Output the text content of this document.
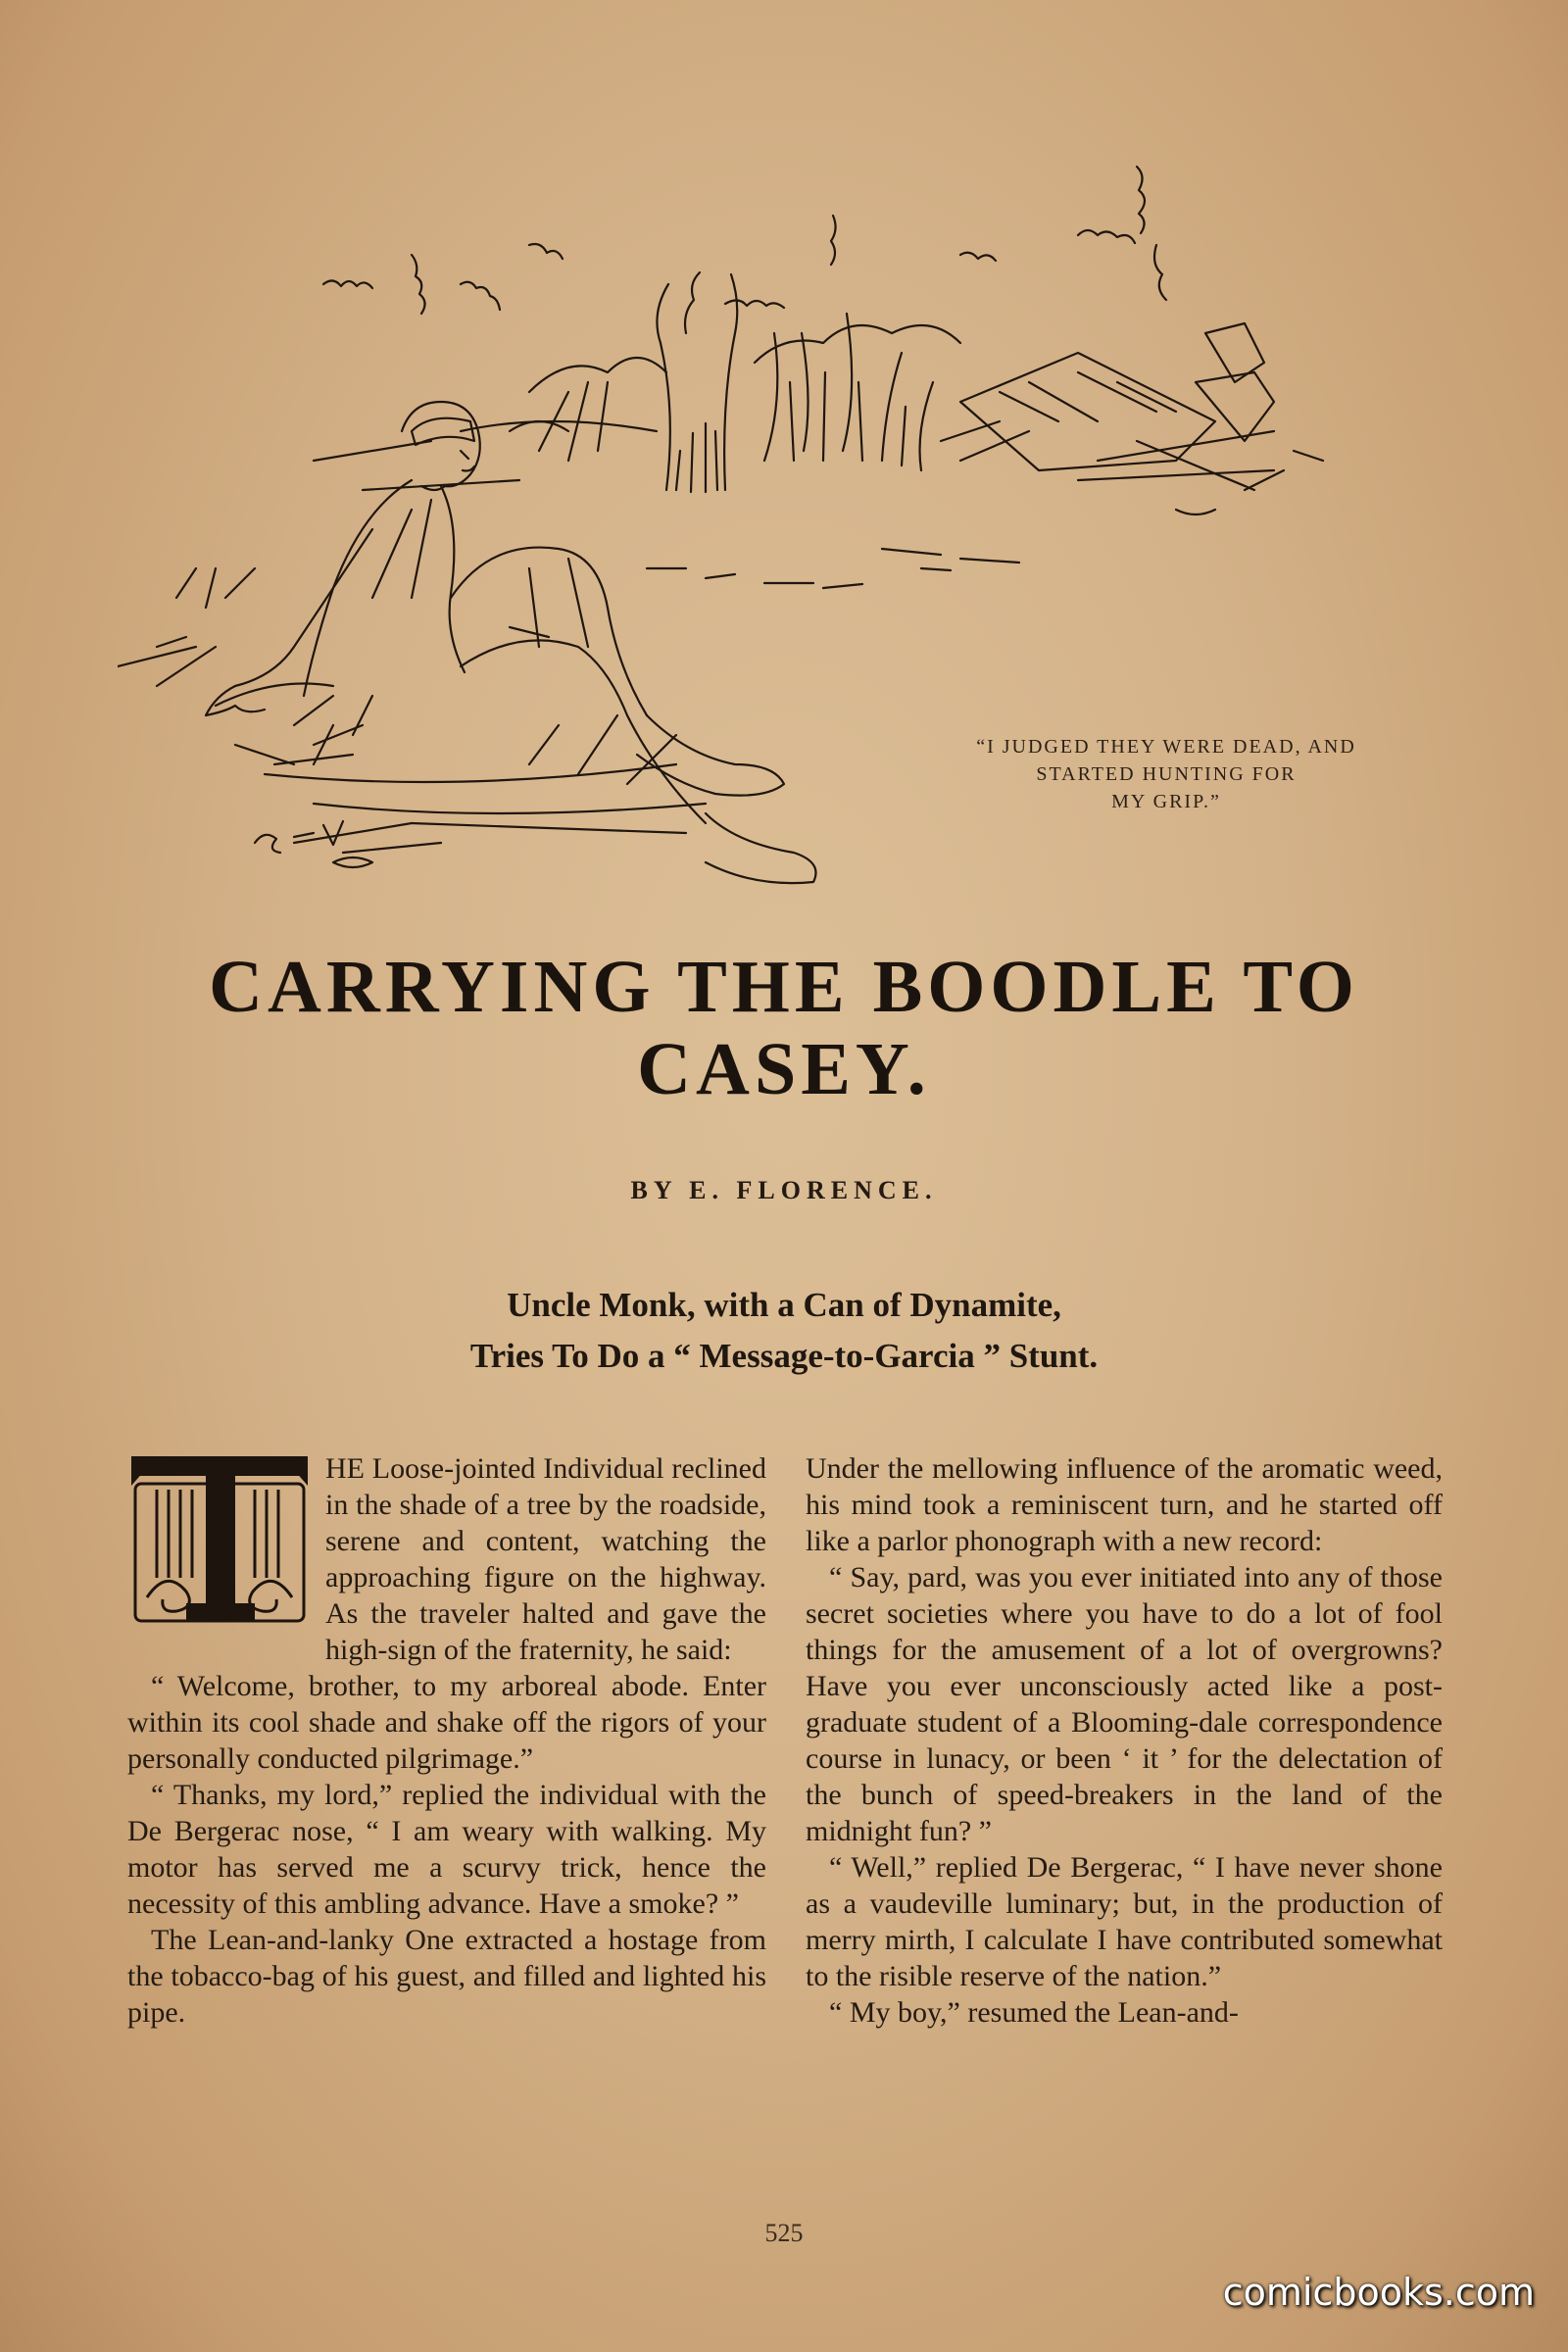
“I JUDGED THEY WERE DEAD, AND
STARTED HUNTING FOR
MY GRIP.”
CARRYING THE BOODLE TO
CASEY.
BY E. FLORENCE.
Uncle Monk, with a Can of Dynamite,
Tries To Do a “ Message-to-Garcia ” Stunt.

HE Loose-jointed Individual reclined in the shade of a tree by the roadside, serene and content, watching the approaching figure on the highway. As the traveler halted and gave the high-sign of the fraternity, he said:

“ Welcome, brother, to my arboreal abode. Enter within its cool shade and shake off the rigors of your personally conducted pilgrimage.”

“ Thanks, my lord,” replied the individual with the De Bergerac nose, “ I am weary with walking. My motor has served me a scurvy trick, hence the necessity of this ambling advance. Have a smoke? ”

The Lean-and-lanky One extracted a hostage from the tobacco-bag of his guest, and filled and lighted his pipe.

Under the mellowing influence of the aromatic weed, his mind took a reminiscent turn, and he started off like a parlor phonograph with a new record:

“ Say, pard, was you ever initiated into any of those secret societies where you have to do a lot of fool things for the amusement of a lot of overgrowns? Have you ever unconsciously acted like a post-graduate student of a Blooming-dale correspondence course in lunacy, or been ‘ it ’ for the delectation of the bunch of speed-breakers in the land of the midnight fun? ”

“ Well,” replied De Bergerac, “ I have never shone as a vaudeville luminary; but, in the production of merry mirth, I calculate I have contributed somewhat to the risible reserve of the nation.”

“ My boy,” resumed the Lean-and-

525
comicbooks.com
